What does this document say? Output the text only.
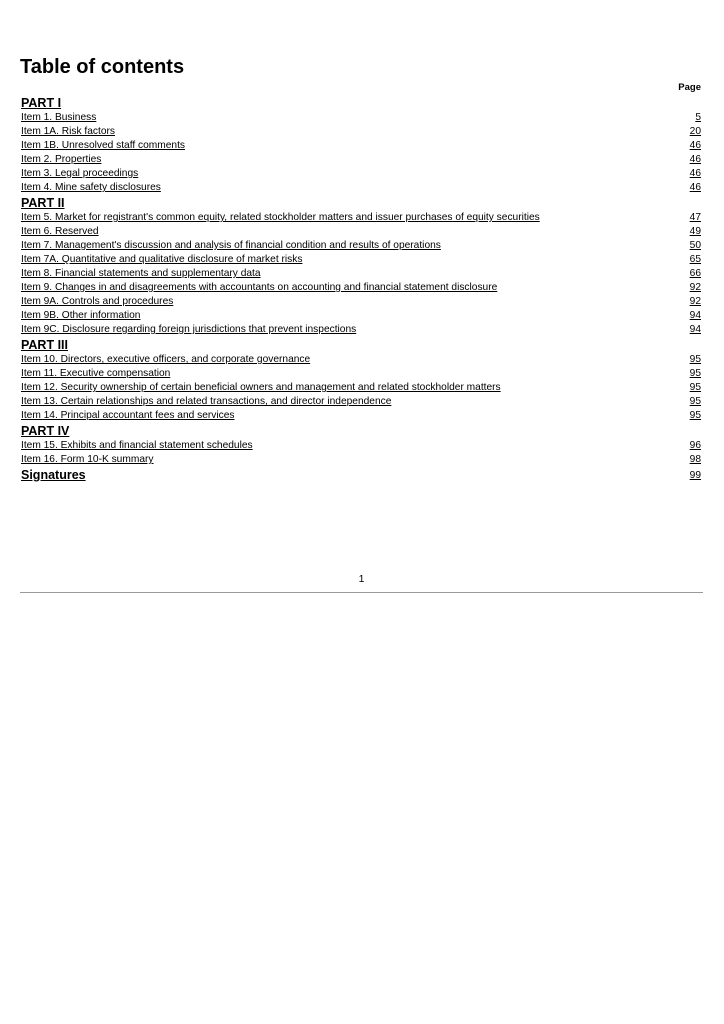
Table of contents
Page
PART I
Item 1. Business	5
Item 1A. Risk factors	20
Item 1B. Unresolved staff comments	46
Item 2. Properties	46
Item 3. Legal proceedings	46
Item 4. Mine safety disclosures	46
PART II
Item 5. Market for registrant's common equity, related stockholder matters and issuer purchases of equity securities	47
Item 6. Reserved	49
Item 7. Management's discussion and analysis of financial condition and results of operations	50
Item 7A. Quantitative and qualitative disclosure of market risks	65
Item 8. Financial statements and supplementary data	66
Item 9. Changes in and disagreements with accountants on accounting and financial statement disclosure	92
Item 9A. Controls and procedures	92
Item 9B. Other information	94
Item 9C. Disclosure regarding foreign jurisdictions that prevent inspections	94
PART III
Item 10. Directors, executive officers, and corporate governance	95
Item 11. Executive compensation	95
Item 12. Security ownership of certain beneficial owners and management and related stockholder matters	95
Item 13. Certain relationships and related transactions, and director independence	95
Item 14. Principal accountant fees and services	95
PART IV
Item 15. Exhibits and financial statement schedules	96
Item 16. Form 10-K summary	98
Signatures	99
1
